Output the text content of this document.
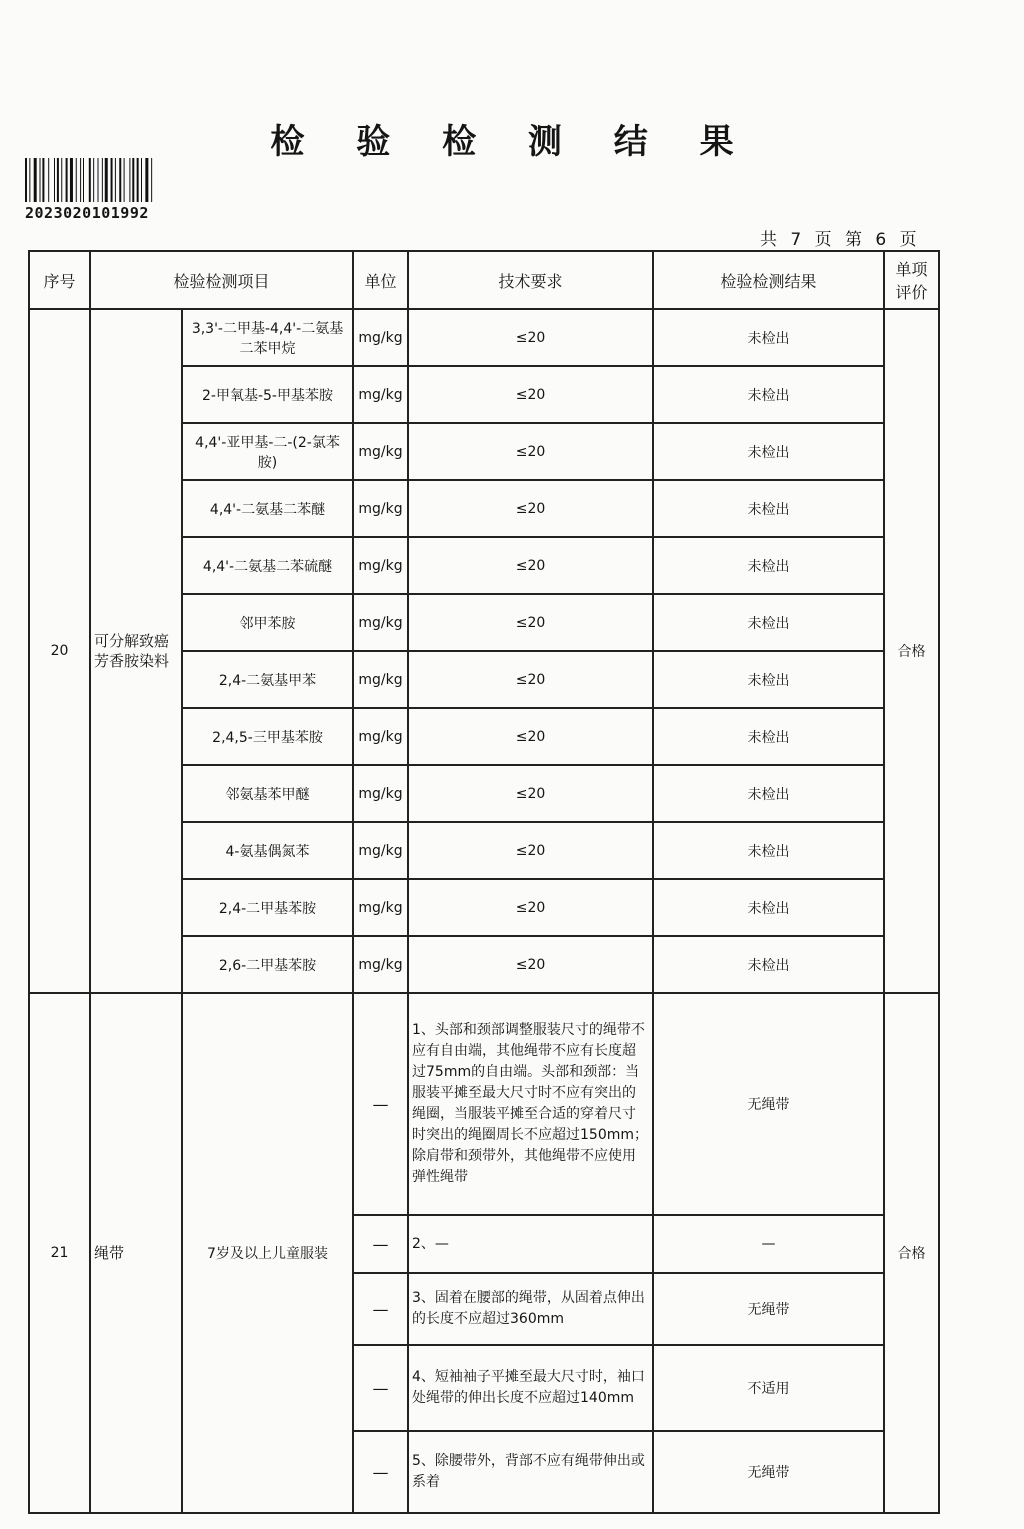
检 验 检 测 结 果
2023020101992
共 7 页 第 6 页
序号	检验检测项目		单位	技术要求	检验检测结果	单项评价
20	可分解致癌芳香胺染料	3,3'-二甲基-4,4'-二氨基二苯甲烷	mg/kg	≤20	未检出	合格
		2-甲氧基-5-甲基苯胺	mg/kg	≤20	未检出	
		4,4'-亚甲基-二-(2-氯苯胺)	mg/kg	≤20	未检出	
		4,4'-二氨基二苯醚	mg/kg	≤20	未检出	
		4,4'-二氨基二苯硫醚	mg/kg	≤20	未检出	
		邻甲苯胺	mg/kg	≤20	未检出	
		2,4-二氨基甲苯	mg/kg	≤20	未检出	
		2,4,5-三甲基苯胺	mg/kg	≤20	未检出	
		邻氨基苯甲醚	mg/kg	≤20	未检出	
		4-氨基偶氮苯	mg/kg	≤20	未检出	
		2,4-二甲基苯胺	mg/kg	≤20	未检出	
		2,6-二甲基苯胺	mg/kg	≤20	未检出	
21	绳带	7岁及以上儿童服装	—	1、头部和颈部调整服装尺寸的绳带不应有自由端，其他绳带不应有长度超过75mm的自由端。头部和颈部：当服装平摊至最大尺寸时不应有突出的绳圈，当服装平摊至合适的穿着尺寸时突出的绳圈周长不应超过150mm；除肩带和颈带外，其他绳带不应使用弹性绳带	无绳带	合格
			—	2、—	—	
			—	3、固着在腰部的绳带，从固着点伸出的长度不应超过360mm	无绳带	
			—	4、短袖袖子平摊至最大尺寸时，袖口处绳带的伸出长度不应超过140mm	不适用	
			—	5、除腰带外，背部不应有绳带伸出或系着	无绳带	
